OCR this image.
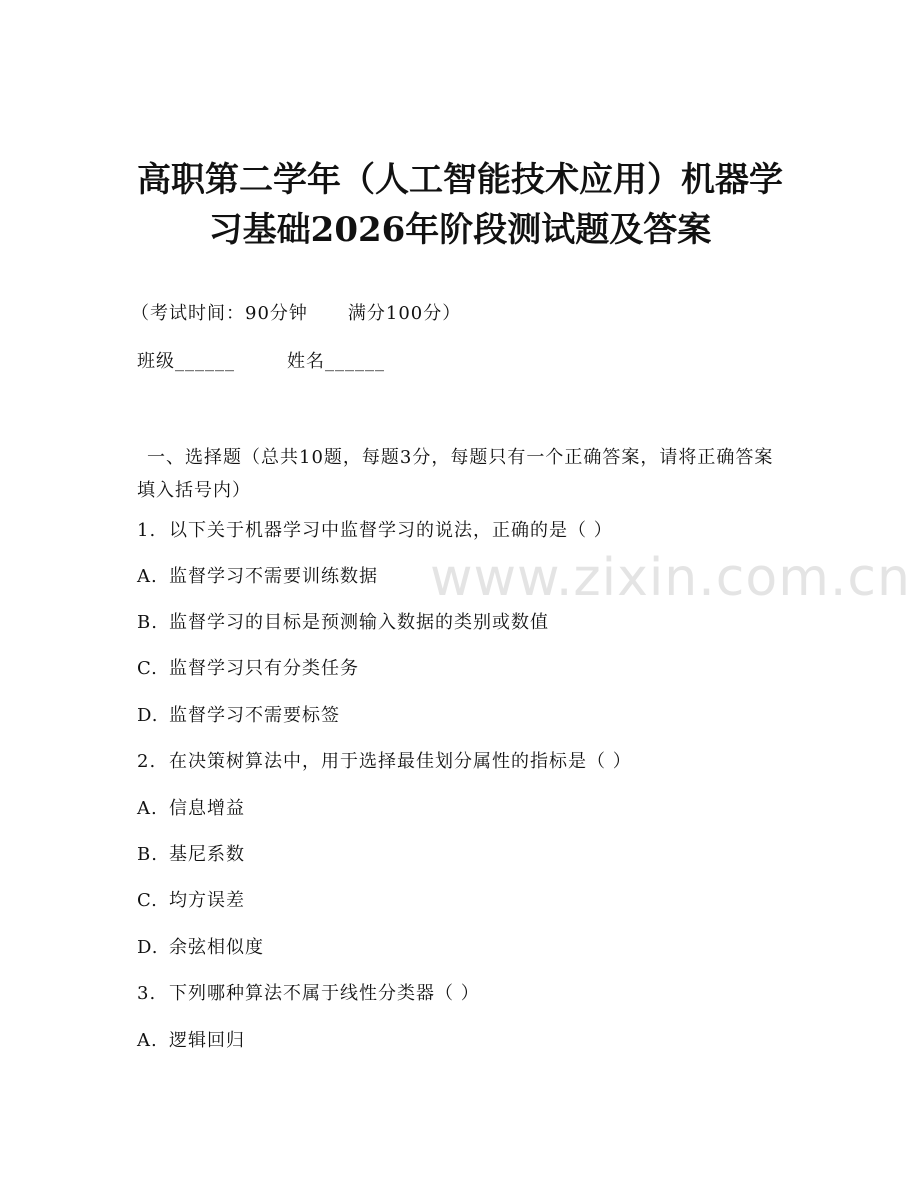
www.zixin.com.cn
高职第二学年（人工智能技术应用）机器学
习基础2026年阶段测试题及答案
（考试时间：90分钟 满分100分）
班级______	姓名______
一、选择题（总共10题，每题3分，每题只有一个正确答案，请将正确答案填入括号内）
1. 以下关于机器学习中监督学习的说法，正确的是（ ）
A. 监督学习不需要训练数据
B. 监督学习的目标是预测输入数据的类别或数值
C. 监督学习只有分类任务
D. 监督学习不需要标签
2. 在决策树算法中，用于选择最佳划分属性的指标是（ ）
A. 信息增益
B. 基尼系数
C. 均方误差
D. 余弦相似度
3. 下列哪种算法不属于线性分类器（ ）
A. 逻辑回归
